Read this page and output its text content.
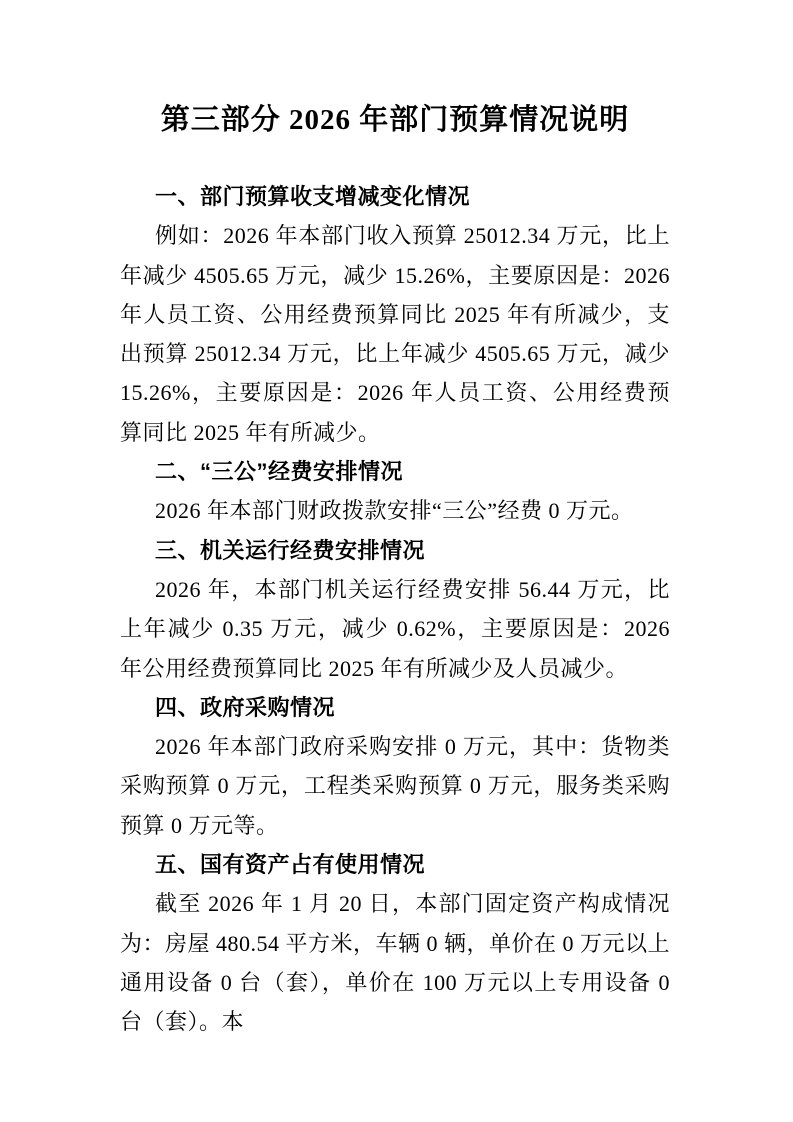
第三部分 2026 年部门预算情况说明
一、部门预算收支增减变化情况

例如：2026 年本部门收入预算 25012.34 万元，比上年减少 4505.65 万元，减少 15.26%，主要原因是：2026 年人员工资、公用经费预算同比 2025 年有所减少，支出预算 25012.34 万元，比上年减少 4505.65 万元，减少 15.26%，主要原因是：2026 年人员工资、公用经费预算同比 2025 年有所减少。

二、“三公”经费安排情况

2026 年本部门财政拨款安排“三公”经费 0 万元。

三、机关运行经费安排情况

2026 年，本部门机关运行经费安排 56.44 万元，比上年减少 0.35 万元，减少 0.62%，主要原因是：2026 年公用经费预算同比 2025 年有所减少及人员减少。

四、政府采购情况

2026 年本部门政府采购安排 0 万元，其中：货物类采购预算 0 万元，工程类采购预算 0 万元，服务类采购预算 0 万元等。

五、国有资产占有使用情况

截至 2026 年 1 月 20 日，本部门固定资产构成情况为：房屋 480.54 平方米，车辆 0 辆，单价在 0 万元以上通用设备 0 台（套），单价在 100 万元以上专用设备 0 台（套）。本
